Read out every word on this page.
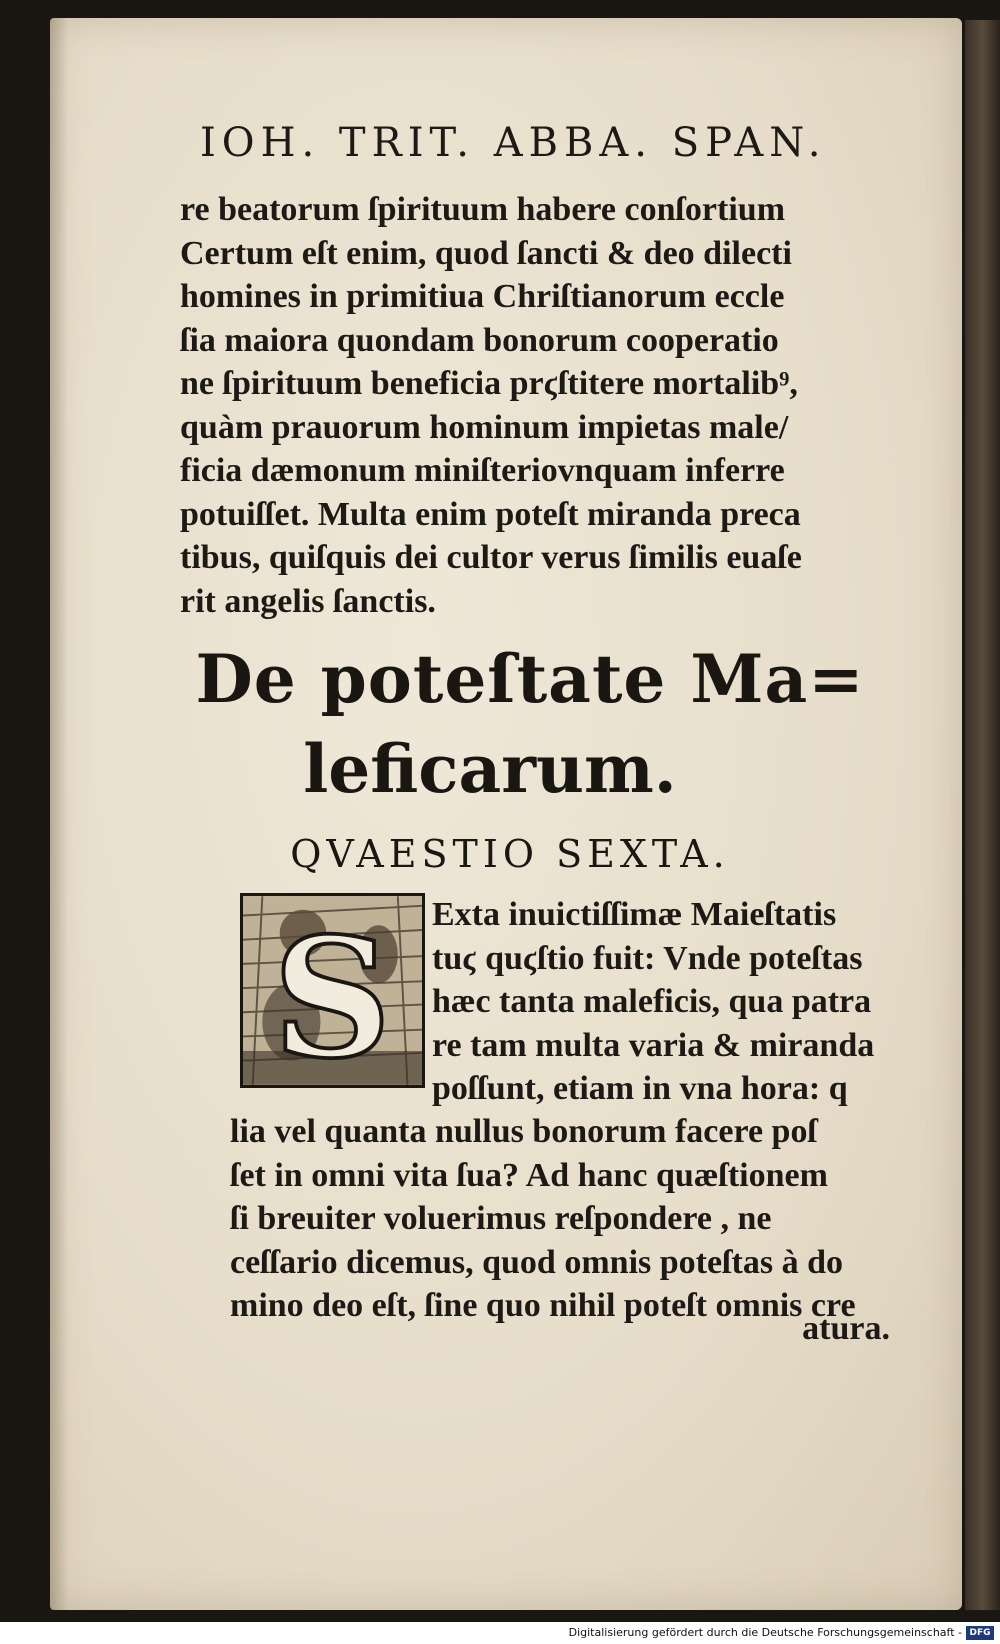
IOH. TRIT. ABBA. SPAN.
re beatorum ſpirituum habere conſortium
Certum eſt enim, quod ſancti & deo dilecti
homines in primitiua Chriſtianorum eccle
ſia maiora quondam bonorum cooperatio
ne ſpirituum beneficia prϛſtitere mortalib⁹,
quàm prauorum hominum impietas male/
ficia dæmonum miniſteriovnquam inferre
potuiſſet. Multa enim poteſt miranda preca
tibus, quiſquis dei cultor verus ſimilis euaſe
rit angelis ſanctis.
De poteſtate Ma=
leficarum.
QVAESTIO SEXTA.
S Exta inuictiſſimæ Maieſtatis
tuϛ quϛſtio fuit: Vnde poteſtas
hæc tanta maleficis, qua patra
re tam multa varia & miranda
poſſunt, etiam in vna hora: q
lia vel quanta nullus bonorum facere poſ
ſet in omni vita ſua? Ad hanc quæſtionem
ſi breuiter voluerimus reſpondere , ne
ceſſario dicemus, quod omnis poteſtas à do
mino deo eſt, ſine quo nihil poteſt omnis cre
atura.
Digitalisierung gefördert durch die Deutsche Forschungsgemeinschaft - DFG
